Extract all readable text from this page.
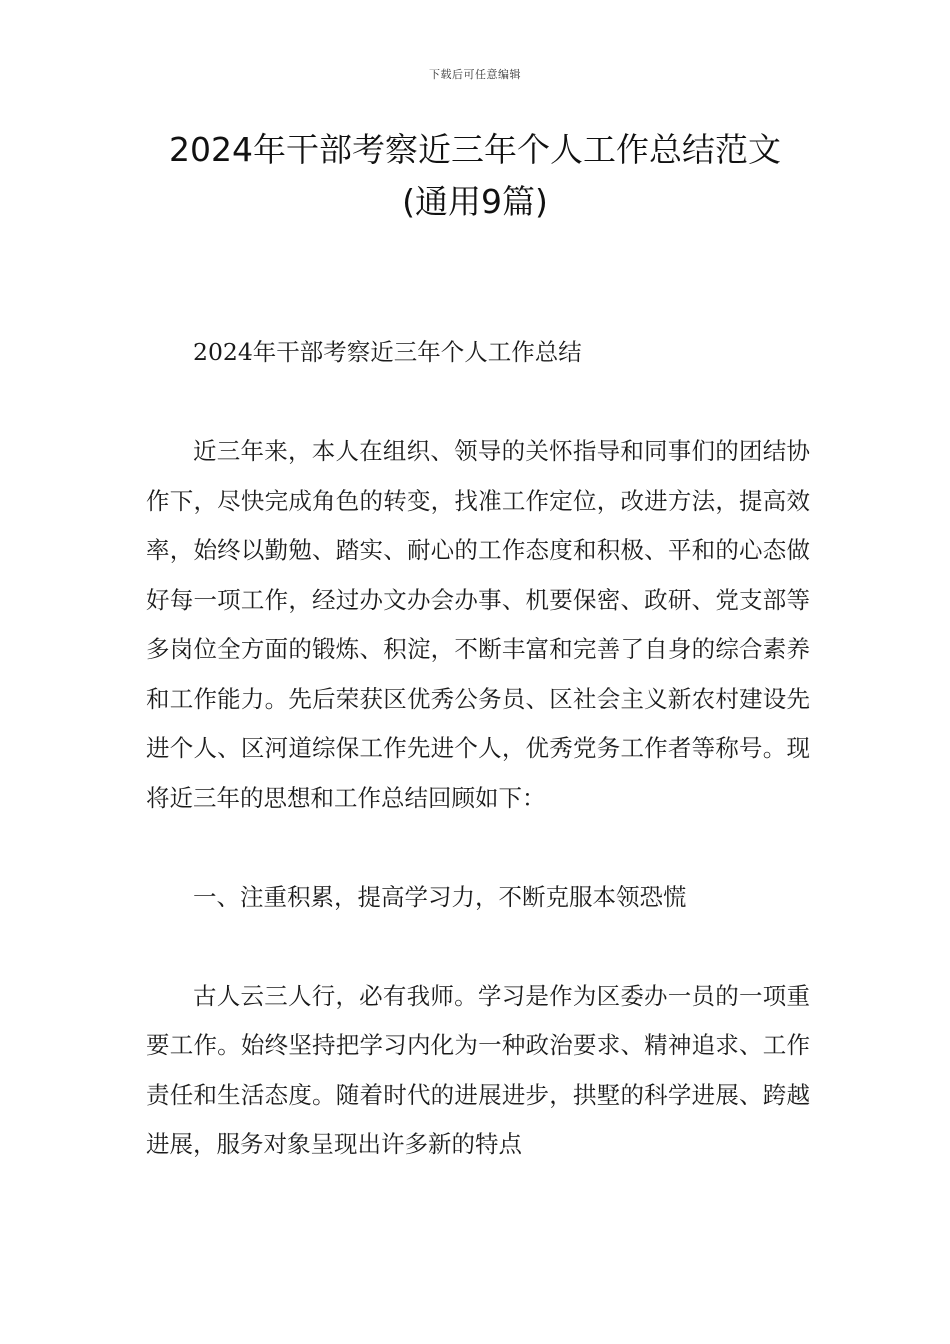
下载后可任意编辑
2024年干部考察近三年个人工作总结范文
(通用9篇)

2024年干部考察近三年个人工作总结

近三年来，本人在组织、领导的关怀指导和同事们的团结协作下，尽快完成角色的转变，找准工作定位，改进方法，提高效率，始终以勤勉、踏实、耐心的工作态度和积极、平和的心态做好每一项工作，经过办文办会办事、机要保密、政研、党支部等多岗位全方面的锻炼、积淀，不断丰富和完善了自身的综合素养和工作能力。先后荣获区优秀公务员、区社会主义新农村建设先进个人、区河道综保工作先进个人，优秀党务工作者等称号。现将近三年的思想和工作总结回顾如下：

一、注重积累，提高学习力，不断克服本领恐慌

古人云三人行，必有我师。学习是作为区委办一员的一项重要工作。始终坚持把学习内化为一种政治要求、精神追求、工作责任和生活态度。随着时代的进展进步，拱墅的科学进展、跨越进展，服务对象呈现出许多新的特点
